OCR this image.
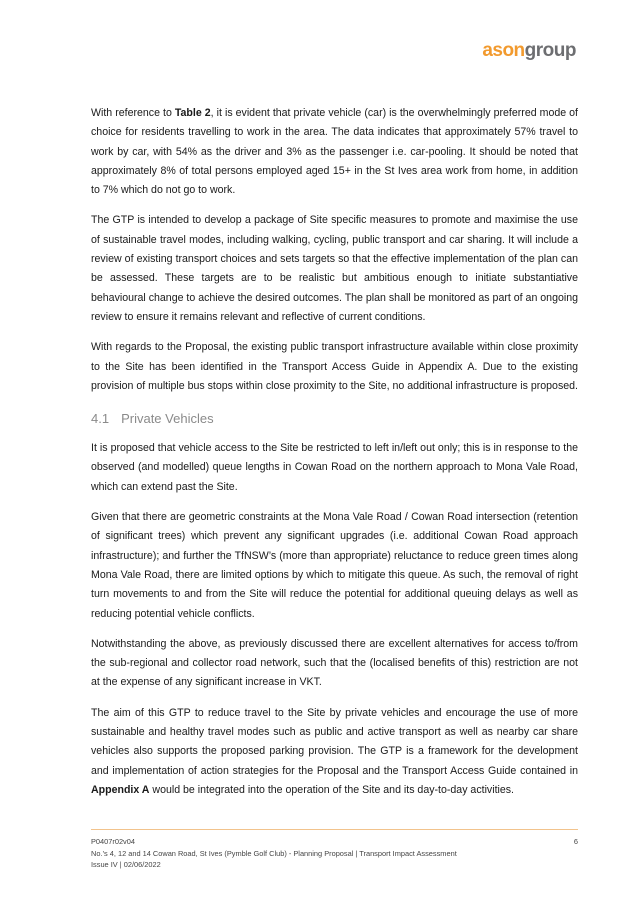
asongroup

With reference to Table 2, it is evident that private vehicle (car) is the overwhelmingly preferred mode of choice for residents travelling to work in the area. The data indicates that approximately 57% travel to work by car, with 54% as the driver and 3% as the passenger i.e. car-pooling. It should be noted that approximately 8% of total persons employed aged 15+ in the St Ives area work from home, in addition to 7% which do not go to work.

The GTP is intended to develop a package of Site specific measures to promote and maximise the use of sustainable travel modes, including walking, cycling, public transport and car sharing. It will include a review of existing transport choices and sets targets so that the effective implementation of the plan can be assessed. These targets are to be realistic but ambitious enough to initiate substantiative behavioural change to achieve the desired outcomes. The plan shall be monitored as part of an ongoing review to ensure it remains relevant and reflective of current conditions.

With regards to the Proposal, the existing public transport infrastructure available within close proximity to the Site has been identified in the Transport Access Guide in Appendix A. Due to the existing provision of multiple bus stops within close proximity to the Site, no additional infrastructure is proposed.

4.1 Private Vehicles

It is proposed that vehicle access to the Site be restricted to left in/left out only; this is in response to the observed (and modelled) queue lengths in Cowan Road on the northern approach to Mona Vale Road, which can extend past the Site.

Given that there are geometric constraints at the Mona Vale Road / Cowan Road intersection (retention of significant trees) which prevent any significant upgrades (i.e. additional Cowan Road approach infrastructure); and further the TfNSW’s (more than appropriate) reluctance to reduce green times along Mona Vale Road, there are limited options by which to mitigate this queue. As such, the removal of right turn movements to and from the Site will reduce the potential for additional queuing delays as well as reducing potential vehicle conflicts.

Notwithstanding the above, as previously discussed there are excellent alternatives for access to/from the sub-regional and collector road network, such that the (localised benefits of this) restriction are not at the expense of any significant increase in VKT.

The aim of this GTP to reduce travel to the Site by private vehicles and encourage the use of more sustainable and healthy travel modes such as public and active transport as well as nearby car share vehicles also supports the proposed parking provision. The GTP is a framework for the development and implementation of action strategies for the Proposal and the Transport Access Guide contained in Appendix A would be integrated into the operation of the Site and its day-to-day activities.

P0407r02v04	6
No.’s 4, 12 and 14 Cowan Road, St Ives (Pymble Golf Club) - Planning Proposal | Transport Impact Assessment
Issue IV | 02/06/2022
